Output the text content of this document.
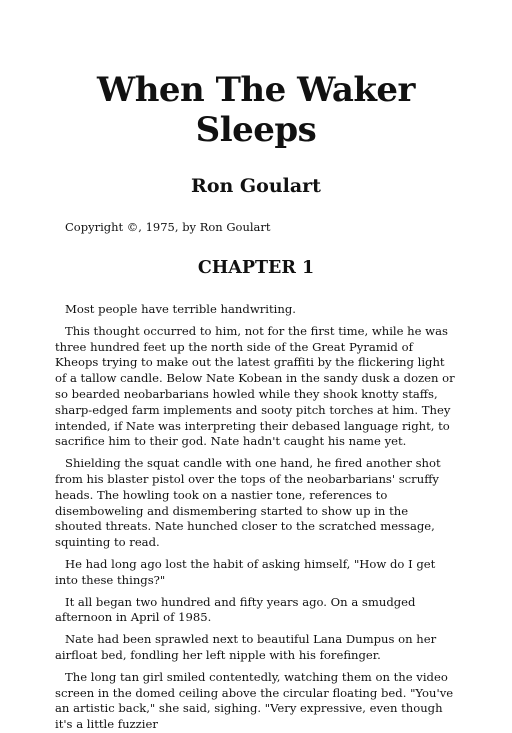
When The Waker
Sleeps
Ron Goulart
Copyright ©, 1975, by Ron Goulart
CHAPTER 1

Most people have terrible handwriting.

This thought occurred to him, not for the first time, while he was three hundred feet up the north side of the Great Pyramid of Kheops trying to make out the latest graffiti by the flickering light of a tallow candle. Below Nate Kobean in the sandy dusk a dozen or so bearded neobarbarians howled while they shook knotty staffs, sharp-edged farm implements and sooty pitch torches at him. They intended, if Nate was interpreting their debased language right, to sacrifice him to their god. Nate hadn't caught his name yet.

Shielding the squat candle with one hand, he fired another shot from his blaster pistol over the tops of the neobarbarians' scruffy heads. The howling took on a nastier tone, references to disemboweling and dismembering started to show up in the shouted threats. Nate hunched closer to the scratched message, squinting to read.

He had long ago lost the habit of asking himself, "How do I get into these things?"

It all began two hundred and fifty years ago. On a smudged afternoon in April of 1985.

Nate had been sprawled next to beautiful Lana Dumpus on her airfloat bed, fondling her left nipple with his forefinger.

The long tan girl smiled contentedly, watching them on the video screen in the domed ceiling above the circular floating bed. "You've an artistic back," she said, sighing. "Very expressive, even though it's a little fuzzier
